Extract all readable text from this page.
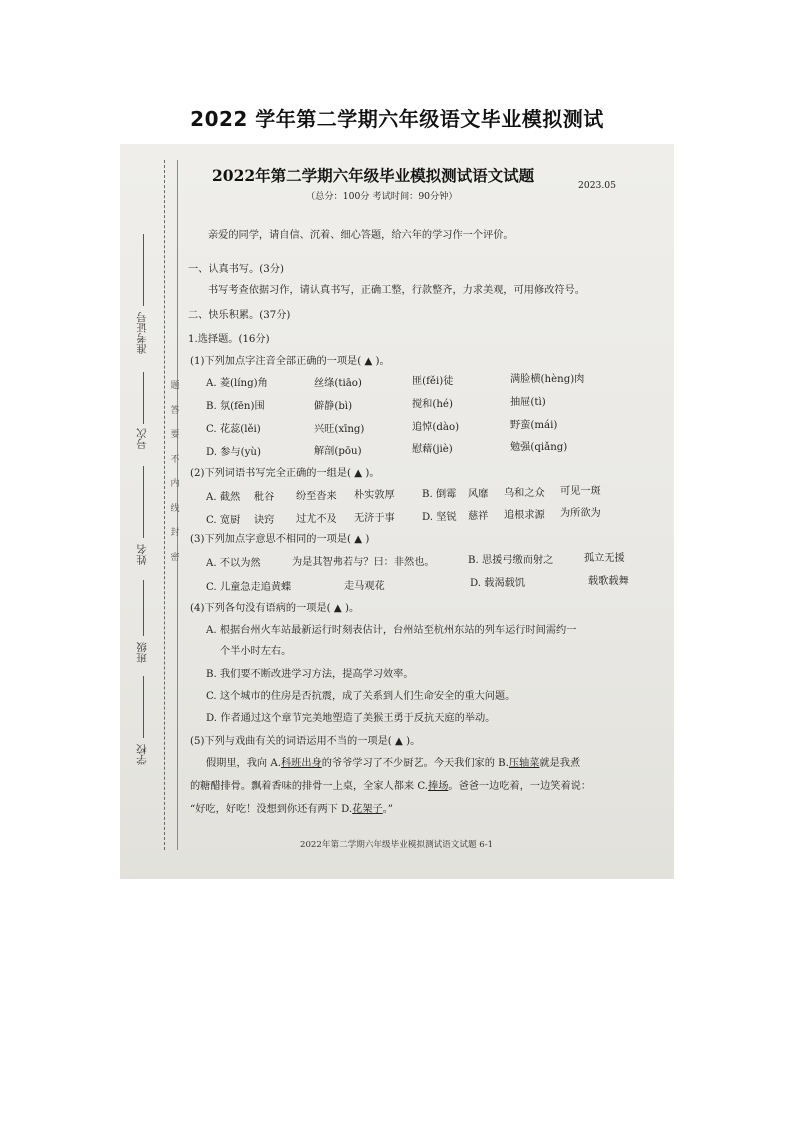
2022 学年第二学期六年级语文毕业模拟测试
准考证号
号次
姓名
班级
学校
题
答
要
不
内
线
封
密
2022年第二学期六年级毕业模拟测试语文试题
（总分：100分 考试时间：90分钟）
2023.05
亲爱的同学，请自信、沉着、细心答题，给六年的学习作一个评价。
一、认真书写。(3分)
书写考查依据习作，请认真书写，正确工整，行款整齐，力求美观，可用修改符号。
二、快乐积累。(37分)
1.选择题。(16分)
(1)下列加点字注音全部正确的一项是( ▲ )。
A. 菱(líng)角	丝绦(tiāo)	匪(fěi)徒	满脸横(hèng)肉
B. 氛(fēn)围	僻静(bì)	搅和(hé)	抽屉(tì)
C. 花蕊(lěi)	兴旺(xīng)	追悼(dào)	野蛮(mái)
D. 参与(yù)	解剖(pōu)	慰藉(jiè)	勉强(qiǎng)
(2)下列词语书写完全正确的一组是( ▲ )。
A. 截然 秕谷 纷至沓来 朴实敦厚	B. 倒霉 风靡 乌和之众 可见一斑
C. 宽厨 诀窍 过尤不及 无济于事	D. 坚锐 慈祥 追根求源 为所欲为
(3)下列加点字意思不相同的一项是( ▲ )
A. 不以为然	为是其智弗若与？曰：非然也。	B. 思援弓缴而射之	孤立无援
C. 儿童急走追黄蝶	走马观花	D. 载渴载饥	载歌载舞
(4)下列各句没有语病的一项是( ▲ )。
A. 根据台州火车站最新运行时刻表估计，台州站至杭州东站的列车运行时间需约一
个半小时左右。
B. 我们要不断改进学习方法，提高学习效率。
C. 这个城市的住房是否抗震，成了关系到人们生命安全的重大问题。
D. 作者通过这个章节完美地塑造了美猴王勇于反抗天庭的举动。
(5)下列与戏曲有关的词语运用不当的一项是( ▲ )。
假期里，我向 A.科班出身的爷爷学习了不少厨艺。今天我们家的 B.压轴菜就是我煮
的糖醋排骨。飘着香味的排骨一上桌，全家人都来 C.捧场。爸爸一边吃着，一边笑着说：
“好吃，好吃！没想到你还有两下 D.花架子。”
2022年第二学期六年级毕业模拟测试语文试题 6-1
